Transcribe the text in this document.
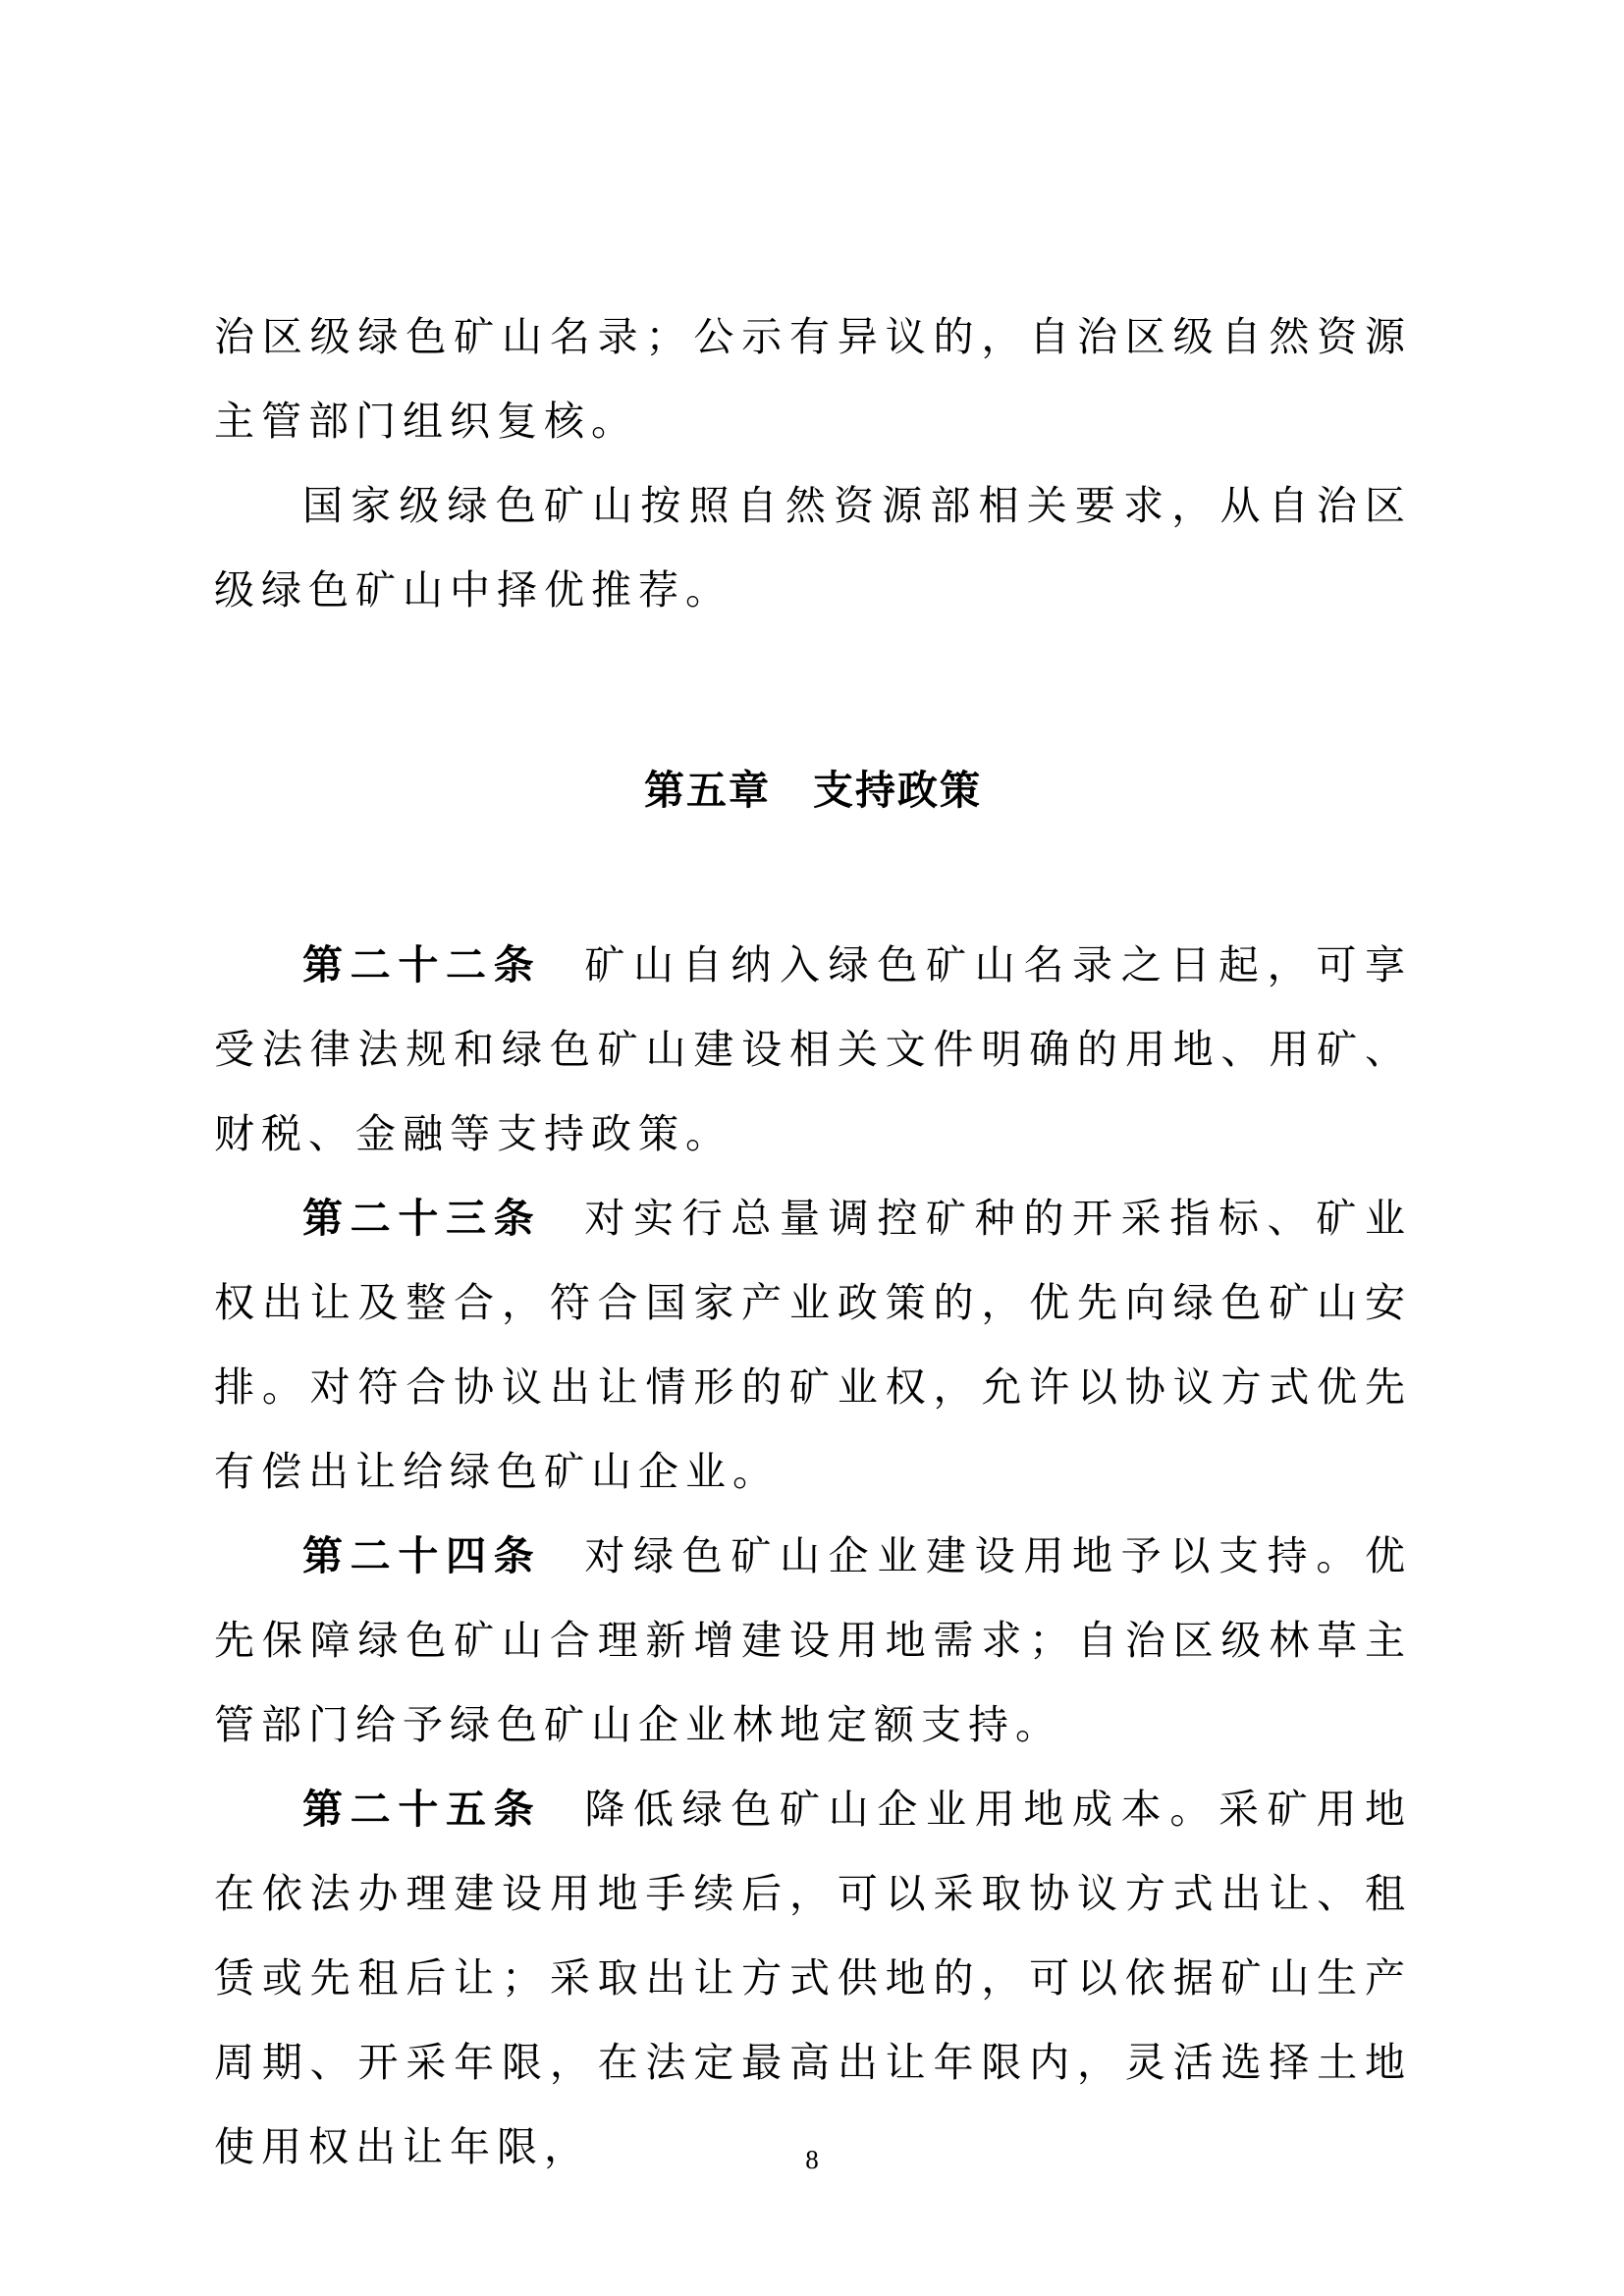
治区级绿色矿山名录；公示有异议的，自治区级自然资源主管部门组织复核。

国家级绿色矿山按照自然资源部相关要求，从自治区级绿色矿山中择优推荐。

第五章　支持政策

第二十二条 矿山自纳入绿色矿山名录之日起，可享受法律法规和绿色矿山建设相关文件明确的用地、用矿、财税、金融等支持政策。

第二十三条 对实行总量调控矿种的开采指标、矿业权出让及整合，符合国家产业政策的，优先向绿色矿山安排。对符合协议出让情形的矿业权，允许以协议方式优先有偿出让给绿色矿山企业。

第二十四条 对绿色矿山企业建设用地予以支持。优先保障绿色矿山合理新增建设用地需求；自治区级林草主管部门给予绿色矿山企业林地定额支持。

第二十五条 降低绿色矿山企业用地成本。采矿用地在依法办理建设用地手续后，可以采取协议方式出让、租赁或先租后让；采取出让方式供地的，可以依据矿山生产周期、开采年限，在法定最高出让年限内，灵活选择土地使用权出让年限，	8
